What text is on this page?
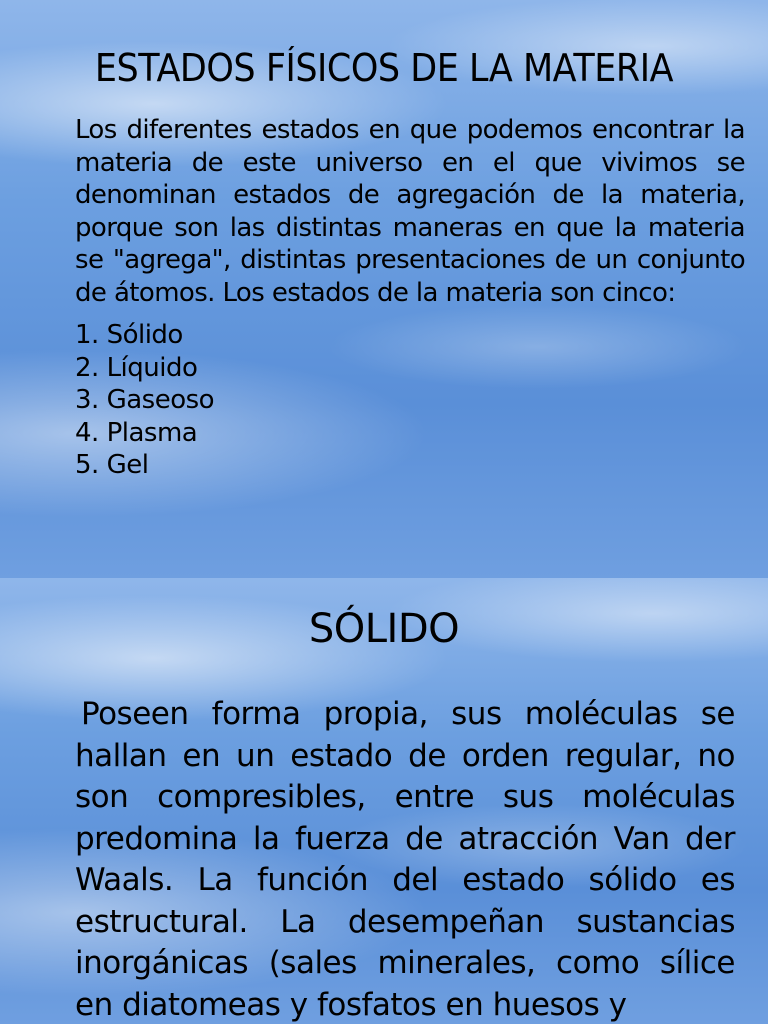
ESTADOS FÍSICOS DE LA MATERIA

Los diferentes estados en que podemos encontrar la materia de este universo en el que vivimos se denominan estados de agregación de la materia, porque son las distintas maneras en que la materia se "agrega", distintas presentaciones de un conjunto de átomos. Los estados de la materia son cinco:

1. Sólido
2. Líquido
3. Gaseoso
4. Plasma
5. Gel
SÓLIDO

Poseen forma propia, sus moléculas se hallan en un estado de orden regular, no son compresibles, entre sus moléculas predomina la fuerza de atracción Van der Waals. La función del estado sólido es estructural. La desempeñan sustancias inorgánicas (sales minerales, como sílice en diatomeas y fosfatos en huesos y
